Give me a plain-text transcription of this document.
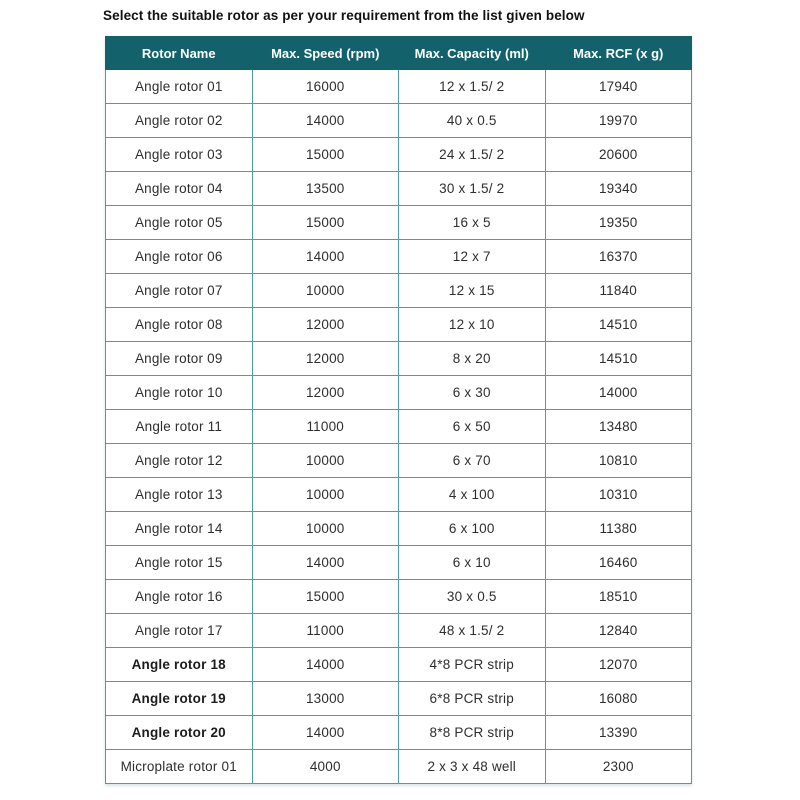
Select the suitable rotor as per your requirement from the list given below
Rotor Name	Max. Speed (rpm)	Max. Capacity (ml)	Max. RCF (x g)
Angle rotor 01	16000	12 x 1.5/ 2	17940
Angle rotor 02	14000	40 x 0.5	19970
Angle rotor 03	15000	24 x 1.5/ 2	20600
Angle rotor 04	13500	30 x 1.5/ 2	19340
Angle rotor 05	15000	16 x 5	19350
Angle rotor 06	14000	12 x 7	16370
Angle rotor 07	10000	12 x 15	11840
Angle rotor 08	12000	12 x 10	14510
Angle rotor 09	12000	8 x 20	14510
Angle rotor 10	12000	6 x 30	14000
Angle rotor 11	11000	6 x 50	13480
Angle rotor 12	10000	6 x 70	10810
Angle rotor 13	10000	4 x 100	10310
Angle rotor 14	10000	6 x 100	11380
Angle rotor 15	14000	6 x 10	16460
Angle rotor 16	15000	30 x 0.5	18510
Angle rotor 17	11000	48 x 1.5/ 2	12840
Angle rotor 18	14000	4*8 PCR strip	12070
Angle rotor 19	13000	6*8 PCR strip	16080
Angle rotor 20	14000	8*8 PCR strip	13390
Microplate rotor 01	4000	2 x 3 x 48 well	2300
